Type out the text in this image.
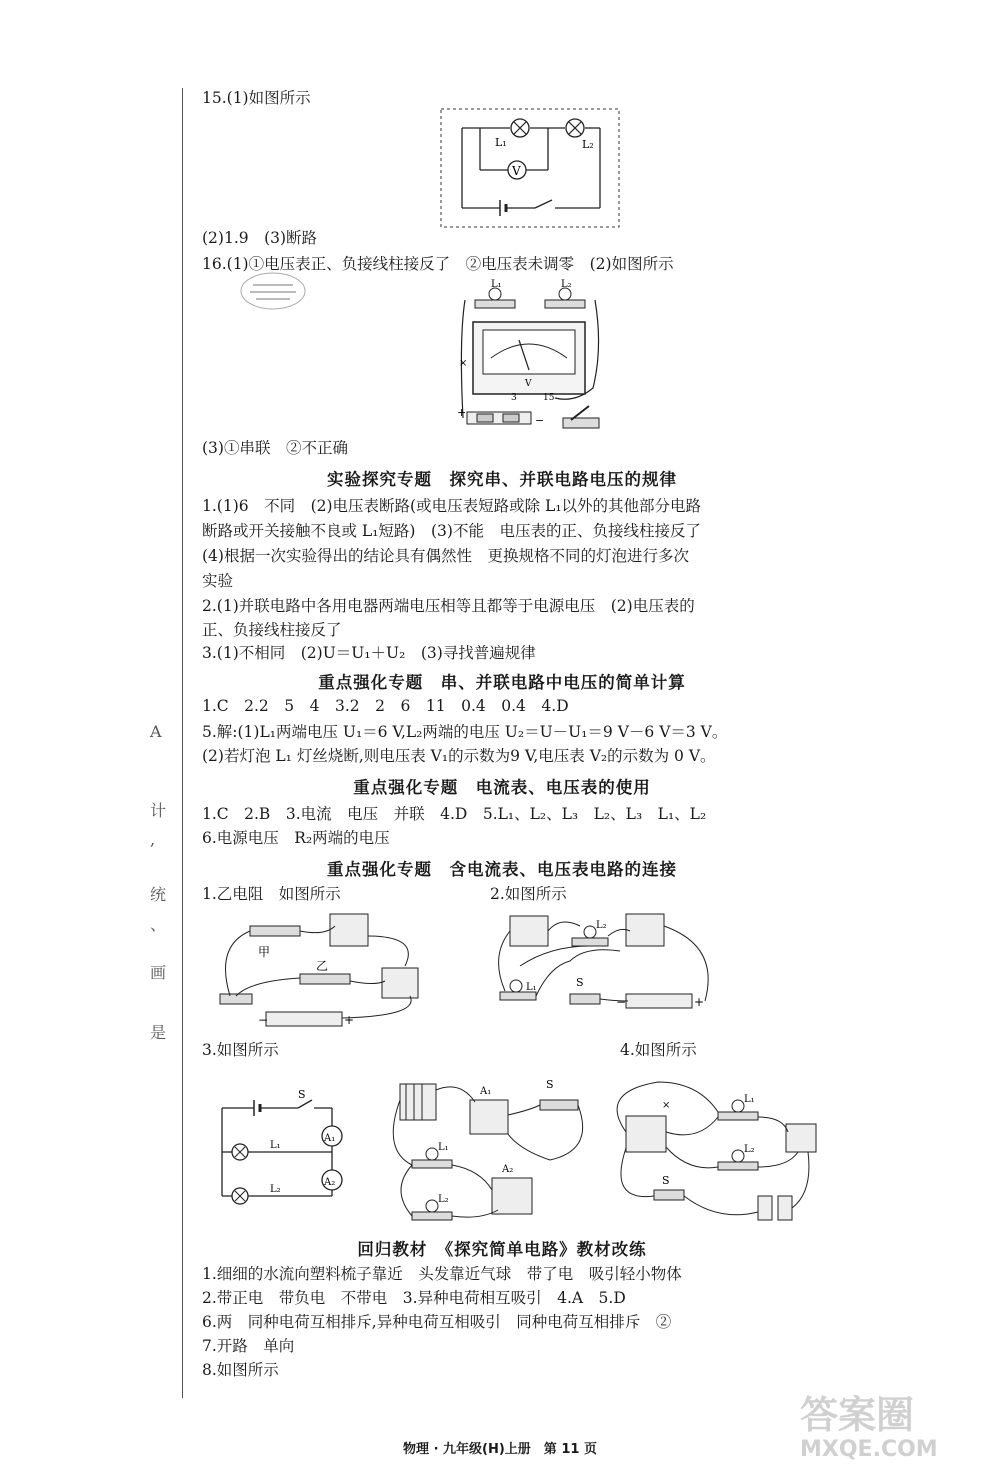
A
计
,
统
、
画
是
15.(1)如图所示
V
L₁	L₂
(2)1.9　(3)断路
16.(1)①电压表正、负接线柱接反了　②电压表未调零　(2)如图所示
L₁	L₂
V
3	15
×
+
−
(3)①串联　②不正确
实验探究专题　探究串、并联电路电压的规律
1.(1)6　不同　(2)电压表断路(或电压表短路或除 L₁以外的其他部分电路
断路或开关接触不良或 L₁短路)　(3)不能　电压表的正、负接线柱接反了
(4)根据一次实验得出的结论具有偶然性　更换规格不同的灯泡进行多次
实验
2.(1)并联电路中各用电器两端电压相等且都等于电源电压　(2)电压表的
正、负接线柱接反了
3.(1)不相同　(2)U＝U₁＋U₂　(3)寻找普遍规律
重点强化专题　串、并联电路中电压的简单计算
1.C　2.2　5　4　3.2　2　6　11　0.4　0.4　4.D
5.解:(1)L₁两端电压 U₁＝6 V,L₂两端的电压 U₂＝U－U₁＝9 V－6 V＝3 V。
(2)若灯泡 L₁ 灯丝烧断,则电压表 V₁的示数为9 V,电压表 V₂的示数为 0 V。
重点强化专题　电流表、电压表的使用
1.C　2.B　3.电流　电压　并联　4.D　5.L₁、L₂、L₃　L₂、L₃　L₁、L₂
6.电源电压　R₂两端的电压
重点强化专题　含电流表、电压表电路的连接
1.乙电阻　如图所示	2.如图所示
甲
乙
−	+
L₂
L₁	S
−	+
3.如图所示	4.如图所示
S
A₁
A₂
L₁
L₂
A₁
S
L₁
A₂
L₂
L₁
L₂
S
×
回归教材　《探究简单电路》教材改练
1.细细的水流向塑料梳子靠近　头发靠近气球　带了电　吸引轻小物体
2.带正电　带负电　不带电　3.异种电荷相互吸引　4.A　5.D
6.两　同种电荷互相排斥,异种电荷互相吸引　同种电荷互相排斥　②
7.开路　单向
8.如图所示
物理 · 九年级(H)上册　第 11 页
答案圈
MXQE.COM
